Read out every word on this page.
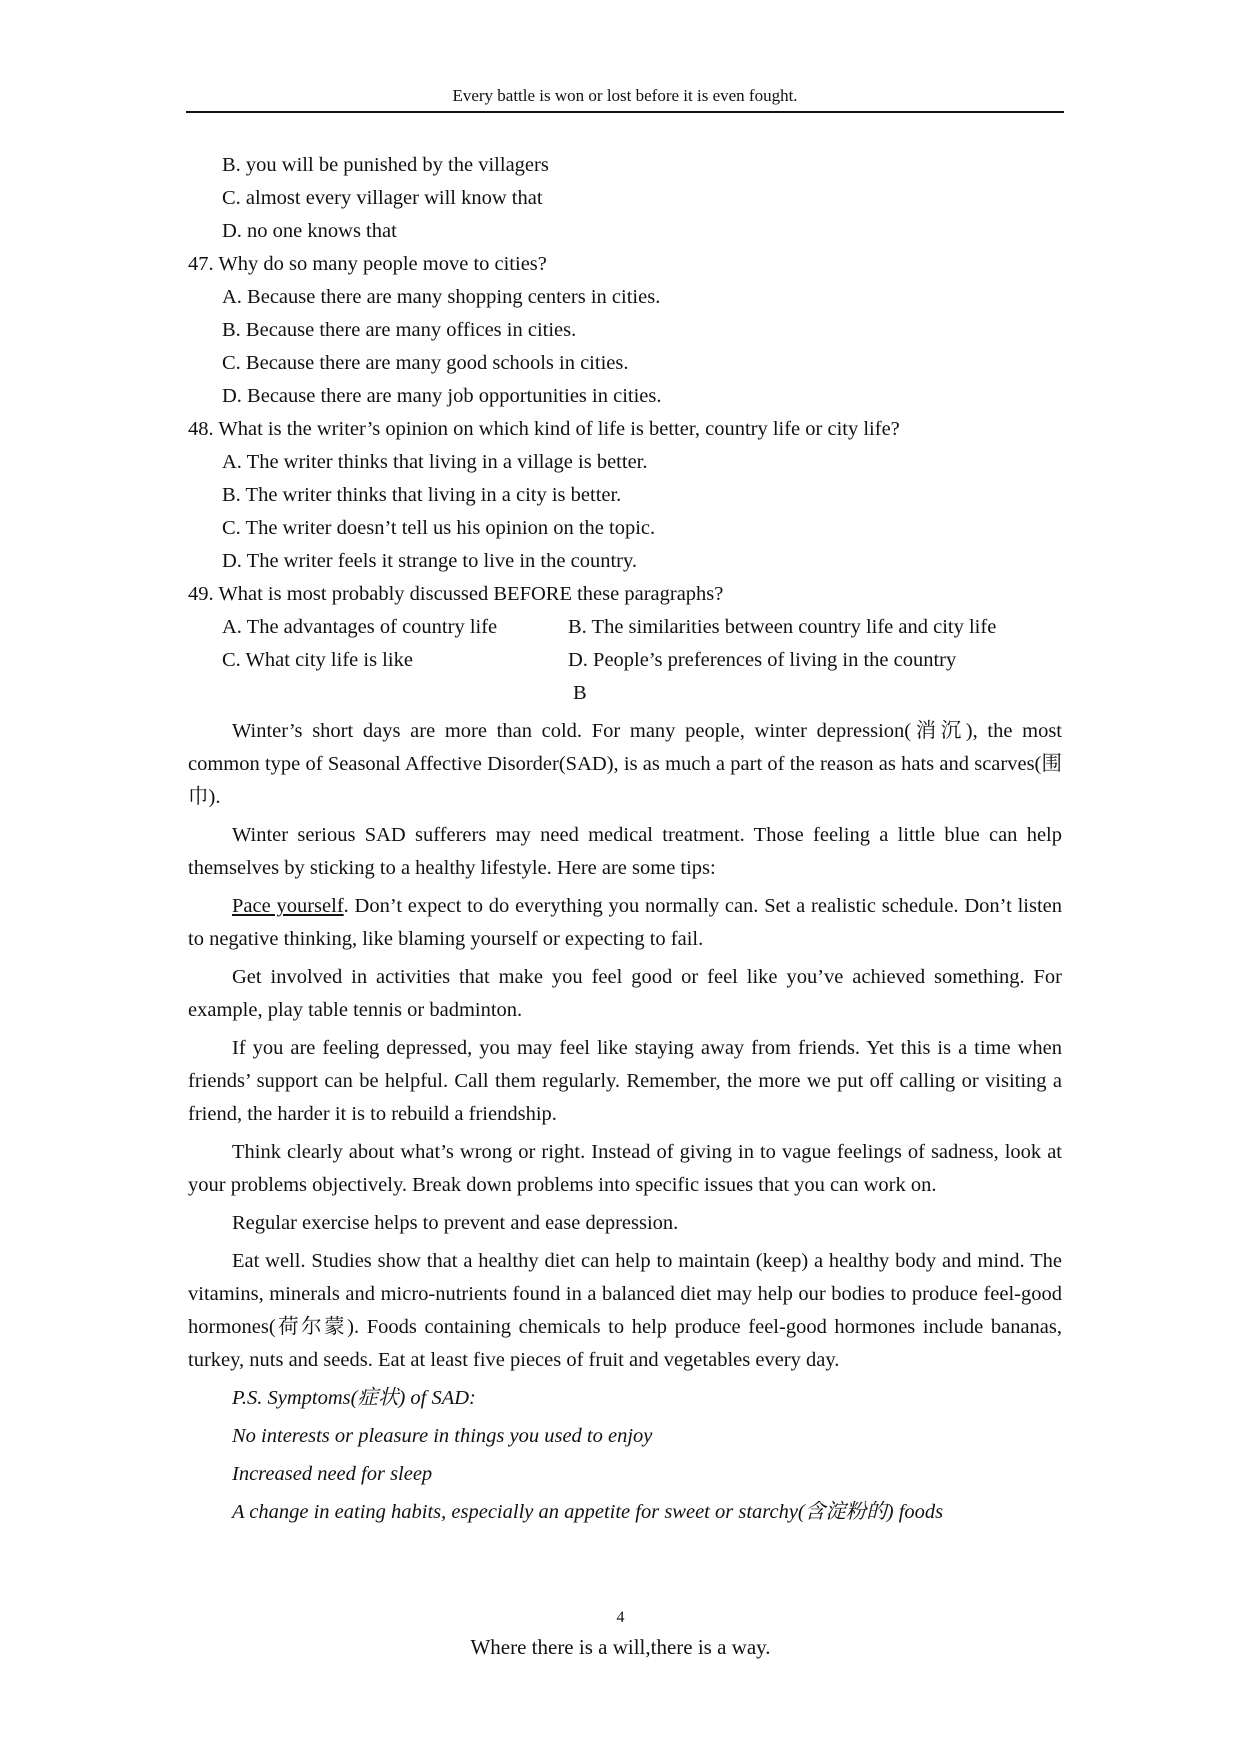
Every battle is won or lost before it is even fought.
B. you will be punished by the villagers
C. almost every villager will know that
D. no one knows that
47. Why do so many people move to cities?
A. Because there are many shopping centers in cities.
B. Because there are many offices in cities.
C. Because there are many good schools in cities.
D. Because there are many job opportunities in cities.
48. What is the writer’s opinion on which kind of life is better, country life or city life?
A. The writer thinks that living in a village is better.
B. The writer thinks that living in a city is better.
C. The writer doesn’t tell us his opinion on the topic.
D. The writer feels it strange to live in the country.
49. What is most probably discussed BEFORE these paragraphs?
A. The advantages of country life	B. The similarities between country life and city life
C. What city life is like	D. People’s preferences of living in the country
B

Winter’s short days are more than cold. For many people, winter depression(消沉), the most common type of Seasonal Affective Disorder(SAD), is as much a part of the reason as hats and scarves(围巾).

Winter serious SAD sufferers may need medical treatment. Those feeling a little blue can help themselves by sticking to a healthy lifestyle. Here are some tips:

Pace yourself. Don’t expect to do everything you normally can. Set a realistic schedule. Don’t listen to negative thinking, like blaming yourself or expecting to fail.

Get involved in activities that make you feel good or feel like you’ve achieved something. For example, play table tennis or badminton.

If you are feeling depressed, you may feel like staying away from friends. Yet this is a time when friends’ support can be helpful. Call them regularly. Remember, the more we put off calling or visiting a friend, the harder it is to rebuild a friendship.

Think clearly about what’s wrong or right. Instead of giving in to vague feelings of sadness, look at your problems objectively. Break down problems into specific issues that you can work on.

Regular exercise helps to prevent and ease depression.

Eat well. Studies show that a healthy diet can help to maintain (keep) a healthy body and mind. The vitamins, minerals and micro-nutrients found in a balanced diet may help our bodies to produce feel-good hormones(荷尔蒙). Foods containing chemicals to help produce feel-good hormones include bananas, turkey, nuts and seeds. Eat at least five pieces of fruit and vegetables every day.

P.S. Symptoms(症状) of SAD:
No interests or pleasure in things you used to enjoy
Increased need for sleep
A change in eating habits, especially an appetite for sweet or starchy(含淀粉的) foods
4
Where there is a will,there is a way.
